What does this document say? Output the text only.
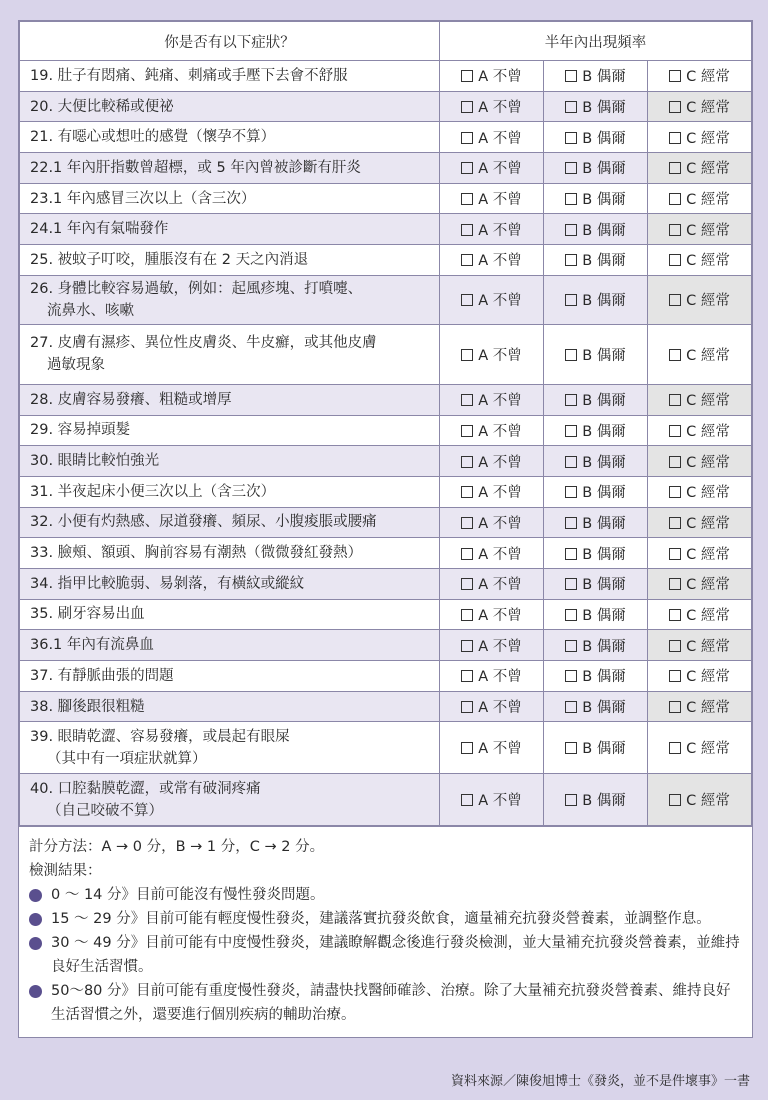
你是否有以下症狀？	半年內出現頻率		
19. 肚子有悶痛、鈍痛、刺痛或手壓下去會不舒服	A 不曾	B 偶爾	C 經常
20. 大便比較稀或便祕	A 不曾	B 偶爾	C 經常
21. 有噁心或想吐的感覺（懷孕不算）	A 不曾	B 偶爾	C 經常
22.1 年內肝指數曾超標，或 5 年內曾被診斷有肝炎	A 不曾	B 偶爾	C 經常
23.1 年內感冒三次以上（含三次）	A 不曾	B 偶爾	C 經常
24.1 年內有氣喘發作	A 不曾	B 偶爾	C 經常
25. 被蚊子叮咬，腫脹沒有在 2 天之內消退	A 不曾	B 偶爾	C 經常
26. 身體比較容易過敏，例如：起風疹塊、打噴嚏、
流鼻水、咳嗽	A 不曾	B 偶爾	C 經常
27. 皮膚有濕疹、異位性皮膚炎、牛皮癬，或其他皮膚
過敏現象	A 不曾	B 偶爾	C 經常
28. 皮膚容易發癢、粗糙或增厚	A 不曾	B 偶爾	C 經常
29. 容易掉頭髮	A 不曾	B 偶爾	C 經常
30. 眼睛比較怕強光	A 不曾	B 偶爾	C 經常
31. 半夜起床小便三次以上（含三次）	A 不曾	B 偶爾	C 經常
32. 小便有灼熱感、尿道發癢、頻尿、小腹痠脹或腰痛	A 不曾	B 偶爾	C 經常
33. 臉頰、額頭、胸前容易有潮熱（微微發紅發熱）	A 不曾	B 偶爾	C 經常
34. 指甲比較脆弱、易剝落，有橫紋或縱紋	A 不曾	B 偶爾	C 經常
35. 刷牙容易出血	A 不曾	B 偶爾	C 經常
36.1 年內有流鼻血	A 不曾	B 偶爾	C 經常
37. 有靜脈曲張的問題	A 不曾	B 偶爾	C 經常
38. 腳後跟很粗糙	A 不曾	B 偶爾	C 經常
39. 眼睛乾澀、容易發癢，或晨起有眼屎
（其中有一項症狀就算）	A 不曾	B 偶爾	C 經常
40. 口腔黏膜乾澀，或常有破洞疼痛
（自己咬破不算）	A 不曾	B 偶爾	C 經常
計分方法：A → 0 分，B → 1 分，C → 2 分。
檢測結果：
0 ～ 14 分》目前可能沒有慢性發炎問題。
15 ～ 29 分》目前可能有輕度慢性發炎，建議落實抗發炎飲食，適量補充抗發炎營養素，並調整作息。
30 ～ 49 分》目前可能有中度慢性發炎，建議瞭解觀念後進行發炎檢測，並大量補充抗發炎營養素，並維持良好生活習慣。
50～80 分》目前可能有重度慢性發炎，請盡快找醫師確診、治療。除了大量補充抗發炎營養素、維持良好生活習慣之外，還要進行個別疾病的輔助治療。
資料來源／陳俊旭博士《發炎，並不是件壞事》一書
